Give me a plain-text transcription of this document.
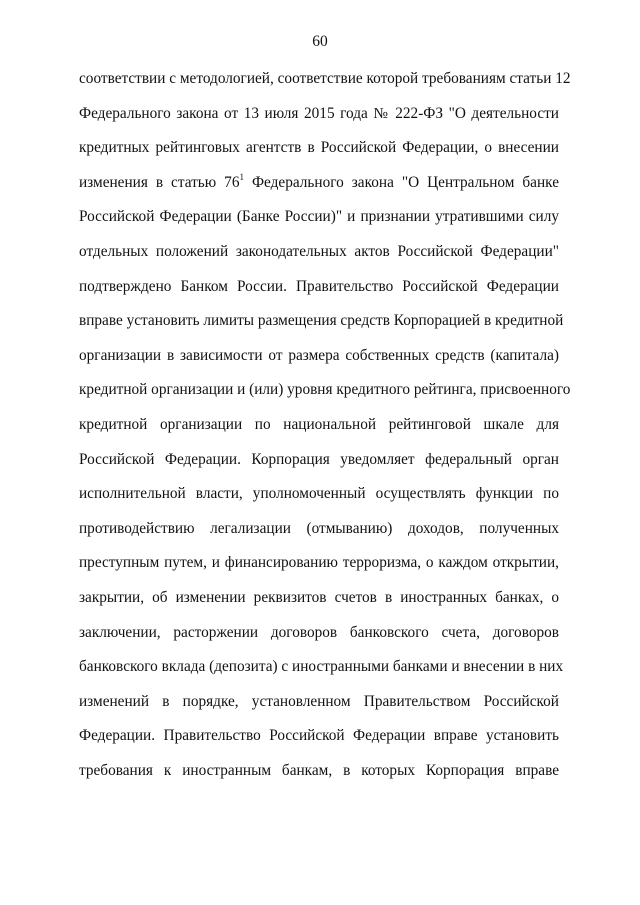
60
соответствии с методологией, соответствие которой требованиям статьи 12
Федерального закона от 13 июля 2015 года № 222-ФЗ "О деятельности
кредитных рейтинговых агентств в Российской Федерации, о внесении
изменения в статью $76^1$ Федерального закона "О Центральном банке
Российской Федерации (Банке России)" и признании утратившими силу
отдельных положений законодательных актов Российской Федерации"
подтверждено Банком России. Правительство Российской Федерации
вправе установить лимиты размещения средств Корпорацией в кредитной
организации в зависимости от размера собственных средств (капитала)
кредитной организации и (или) уровня кредитного рейтинга, присвоенного
кредитной организации по национальной рейтинговой шкале для
Российской Федерации. Корпорация уведомляет федеральный орган
исполнительной власти, уполномоченный осуществлять функции по
противодействию легализации (отмыванию) доходов, полученных
преступным путем, и финансированию терроризма, о каждом открытии,
закрытии, об изменении реквизитов счетов в иностранных банках, о
заключении, расторжении договоров банковского счета, договоров
банковского вклада (депозита) с иностранными банками и внесении в них
изменений в порядке, установленном Правительством Российской
Федерации. Правительство Российской Федерации вправе установить
требования к иностранным банкам, в которых Корпорация вправе
